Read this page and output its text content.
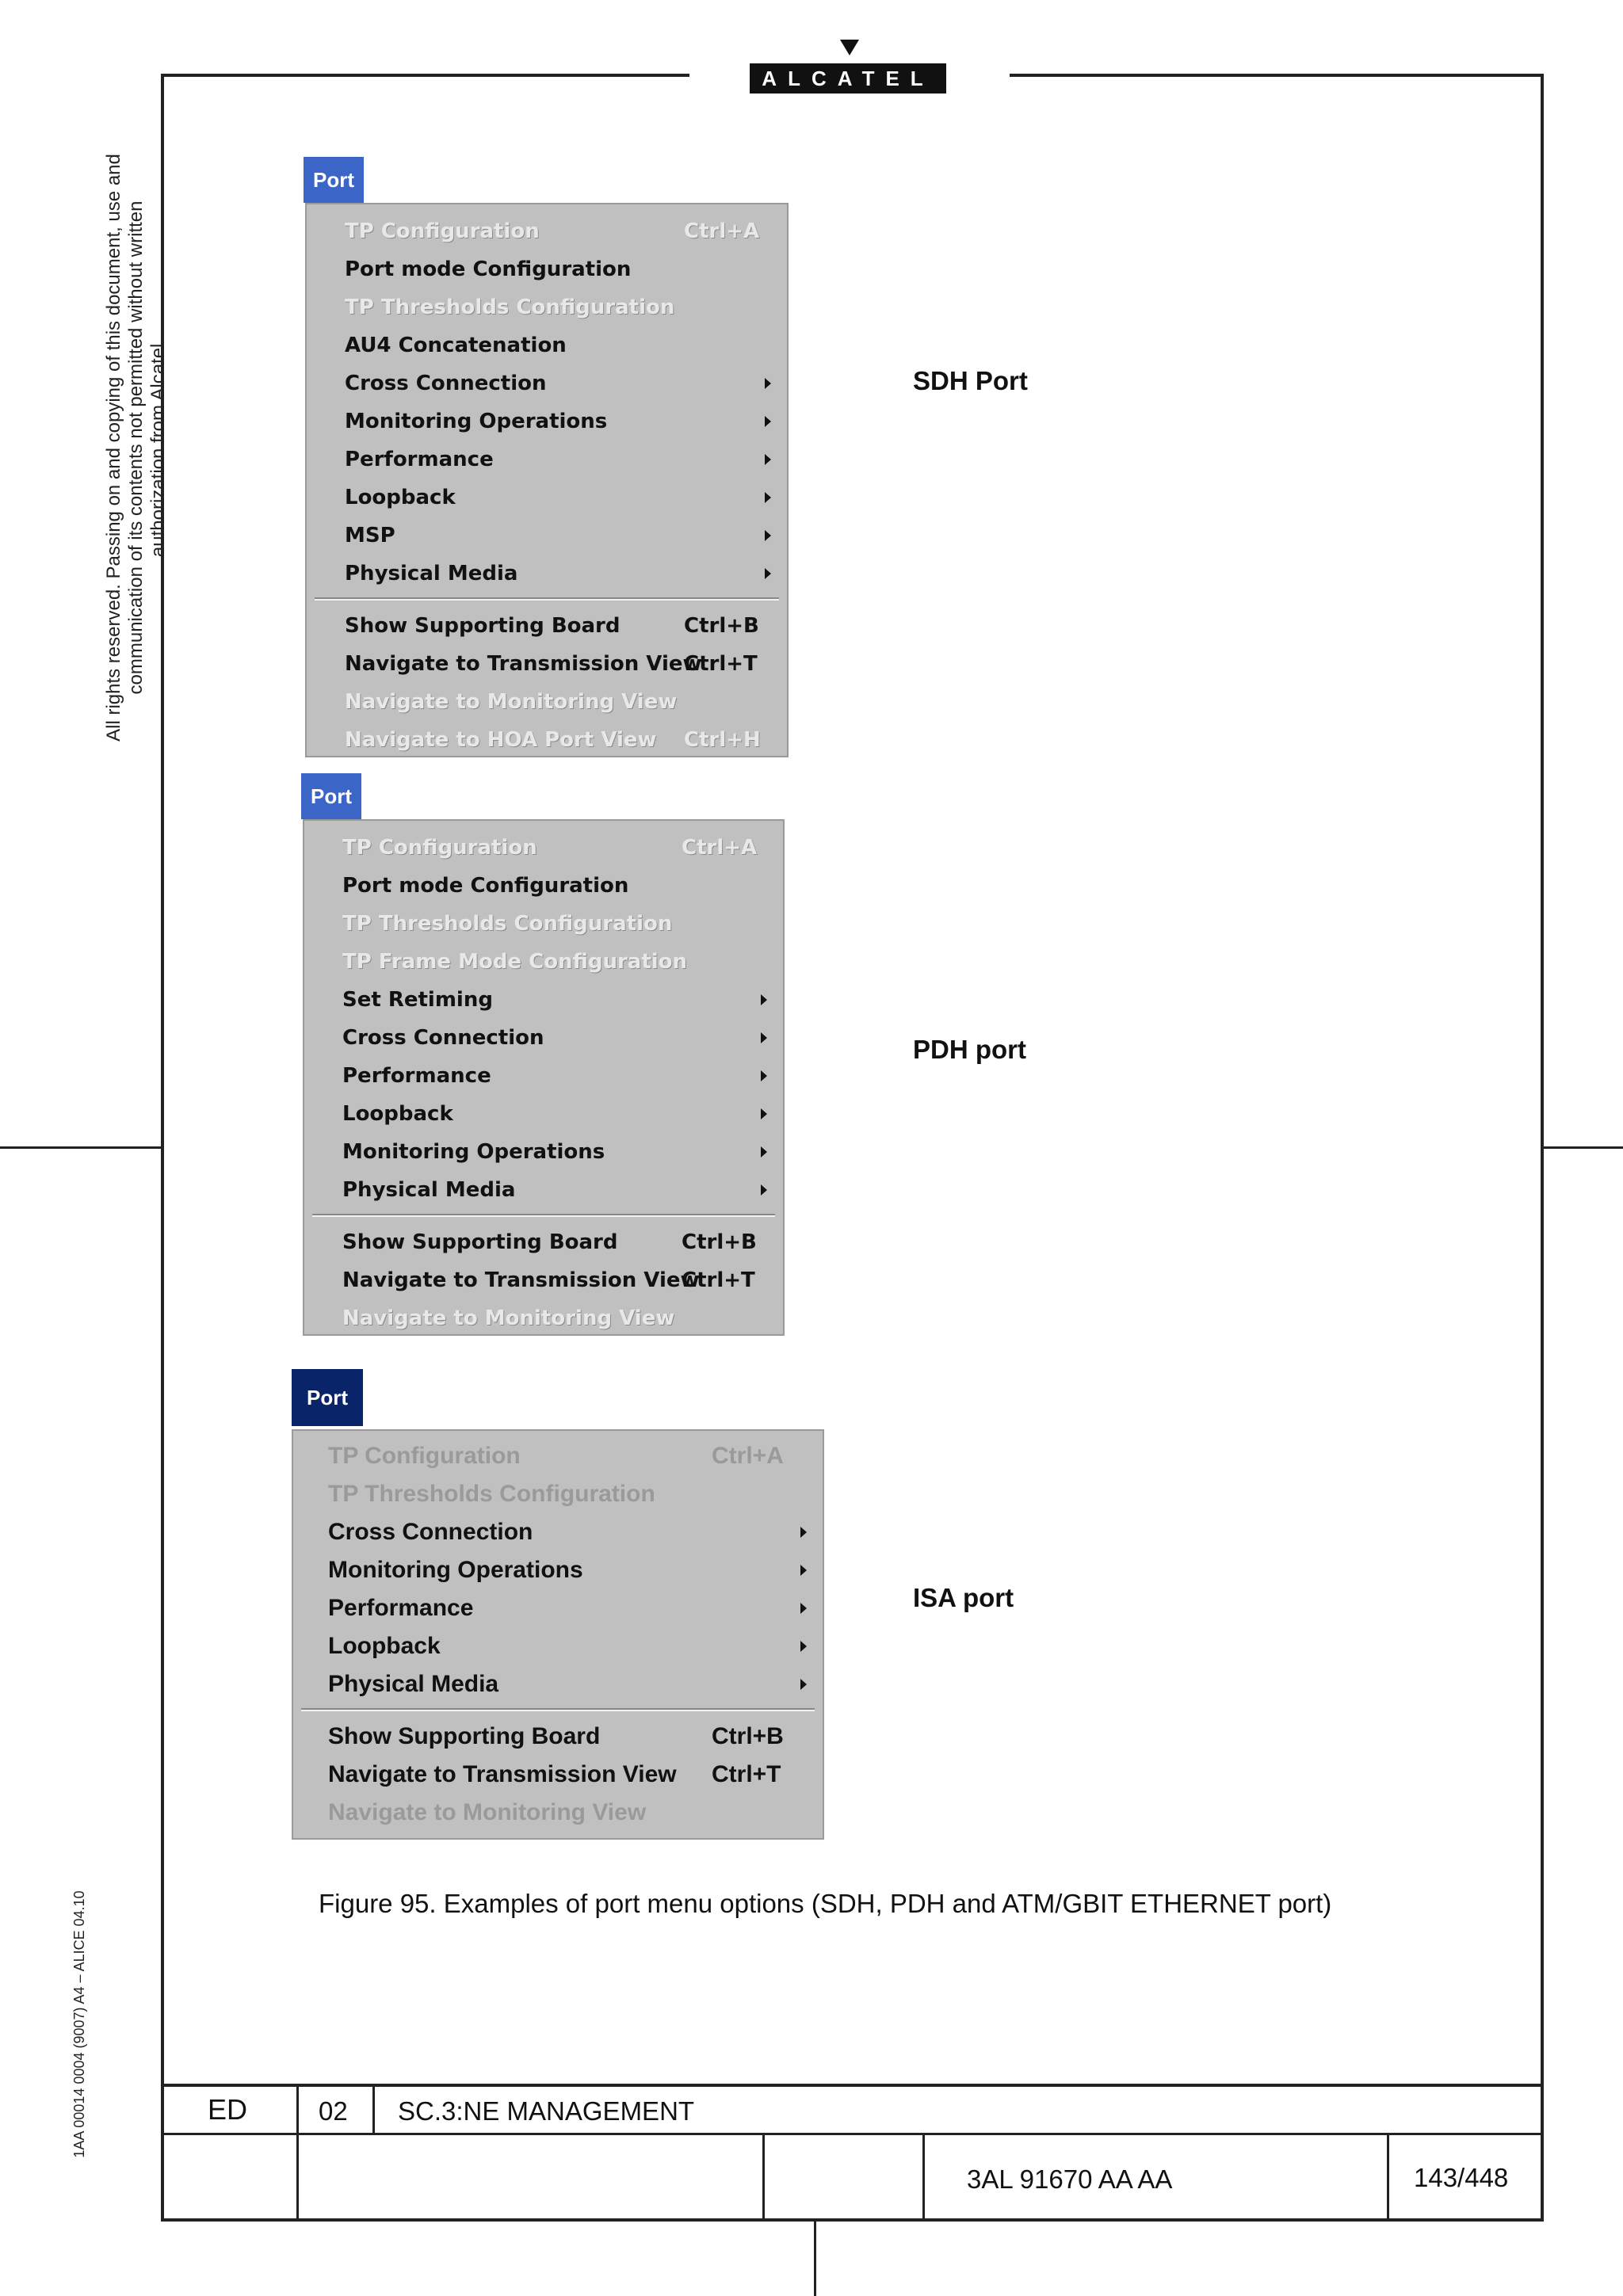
ALCATEL
All rights reserved. Passing on and copying of this document, use and communication of its contents not permitted without written authorization from Alcatel.
1AA 00014 0004 (9007) A4 – ALICE 04.10
Port
TP Configuration	Ctrl+A
Port mode Configuration
TP Thresholds Configuration
AU4 Concatenation
Cross Connection
Monitoring Operations
Performance
Loopback
MSP
Physical Media
Show Supporting Board	Ctrl+B
Navigate to Transmission View
Ctrl+T
Navigate to Monitoring View
Navigate to HOA Port View Ctrl+H
SDH Port
Port
TP Configuration	Ctrl+A
Port mode Configuration
TP Thresholds Configuration
TP Frame Mode Configuration
Set Retiming
Cross Connection
Performance
Loopback
Monitoring Operations
Physical Media
Show Supporting Board	Ctrl+B
Navigate to Transmission View
Ctrl+T
Navigate to Monitoring View
PDH port
Port
TP Configuration	Ctrl+A
TP Thresholds Configuration
Cross Connection
Monitoring Operations
Performance
Loopback
Physical Media
Show Supporting Board	Ctrl+B
Navigate to Transmission View Ctrl+T
Navigate to Monitoring View
ISA port
Figure 95. Examples of port menu options (SDH, PDH and ATM/GBIT ETHERNET port)
ED	02 SC.3:NE MANAGEMENT
3AL 91670 AA AA	143/448
